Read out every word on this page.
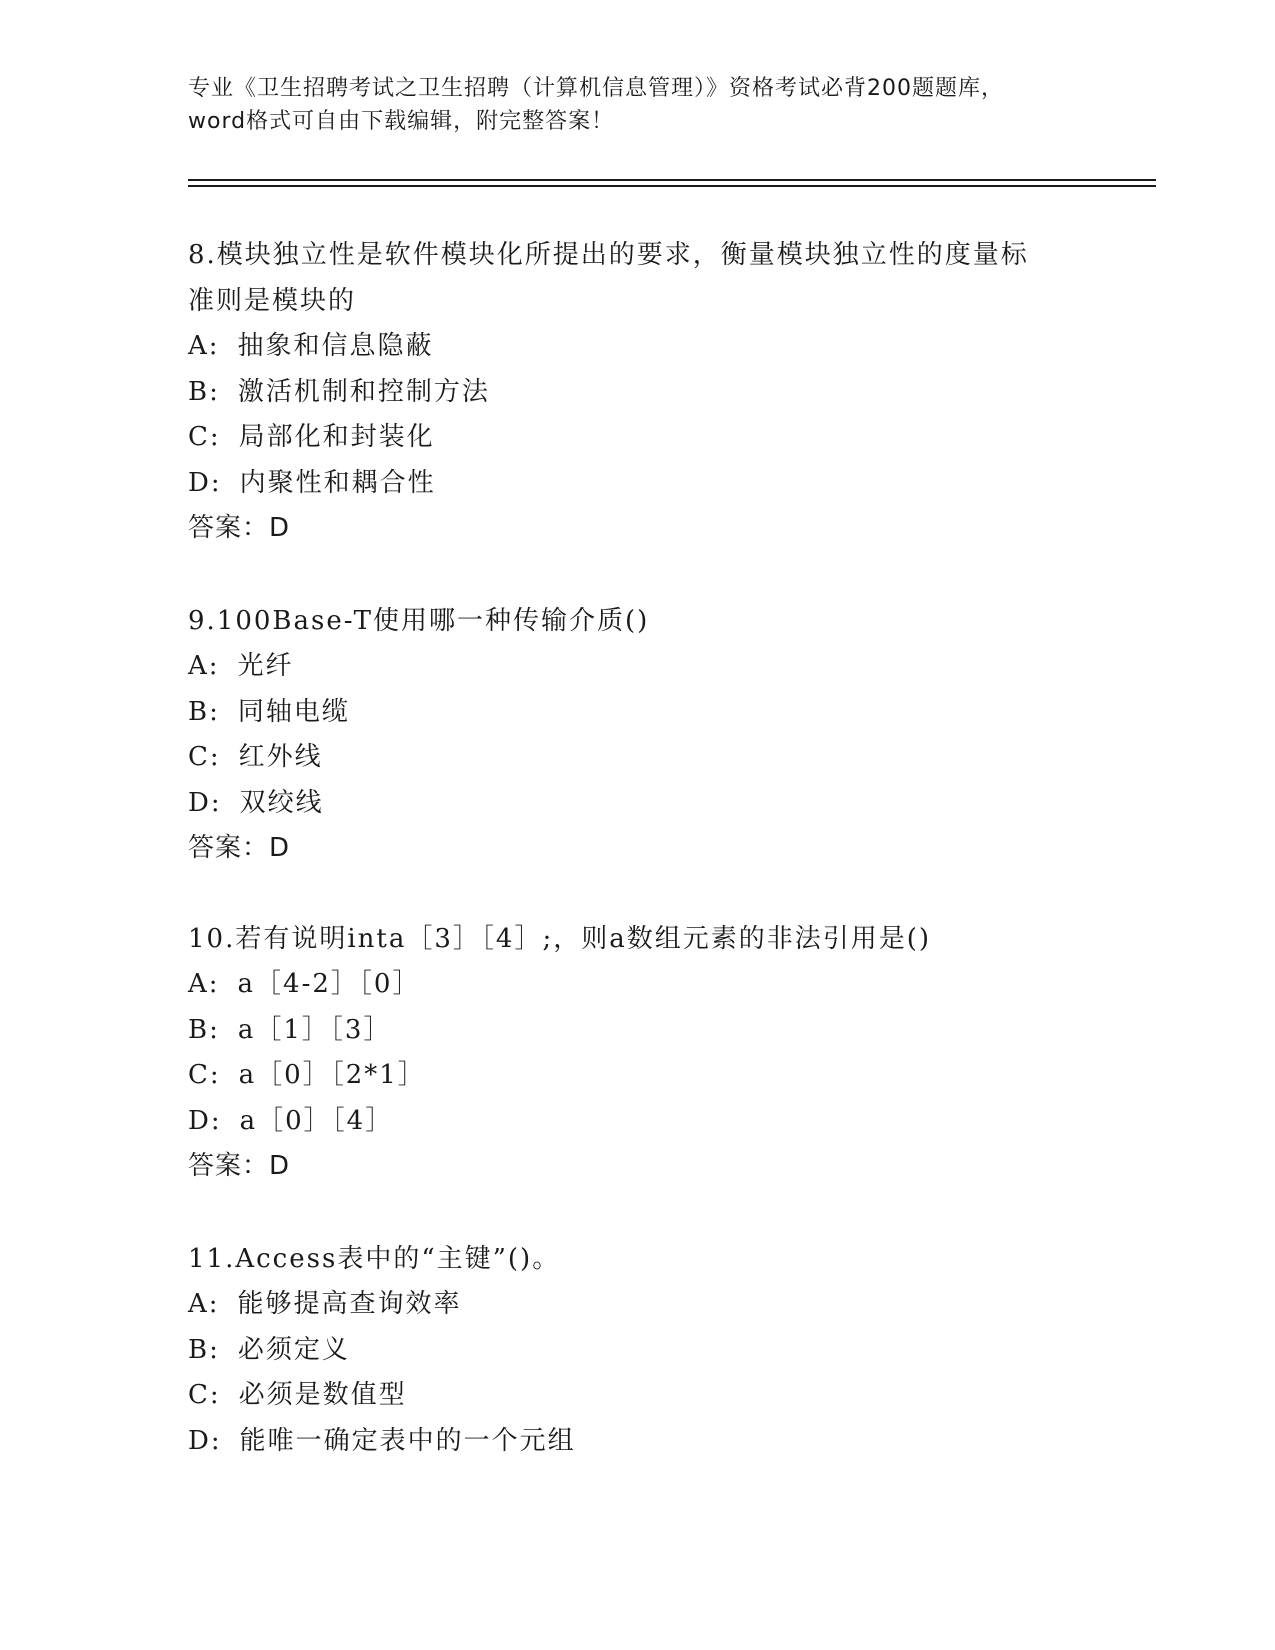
专业《卫生招聘考试之卫生招聘（计算机信息管理）》资格考试必背200题题库，
word格式可自由下载编辑，附完整答案！
8.模块独立性是软件模块化所提出的要求，衡量模块独立性的度量标准则是模块的
A: 抽象和信息隐蔽
B: 激活机制和控制方法
C: 局部化和封装化
D: 内聚性和耦合性
答案：D
9.100Base-T使用哪一种传输介质()
A: 光纤
B: 同轴电缆
C: 红外线
D: 双绞线
答案：D
10.若有说明inta［3］［4］;，则a数组元素的非法引用是()
A: a［4-2］［0］
B: a［1］［3］
C: a［0］［2*1］
D: a［0］［4］
答案：D
11.Access表中的“主键”()。
A: 能够提高查询效率
B: 必须定义
C: 必须是数值型
D: 能唯一确定表中的一个元组
